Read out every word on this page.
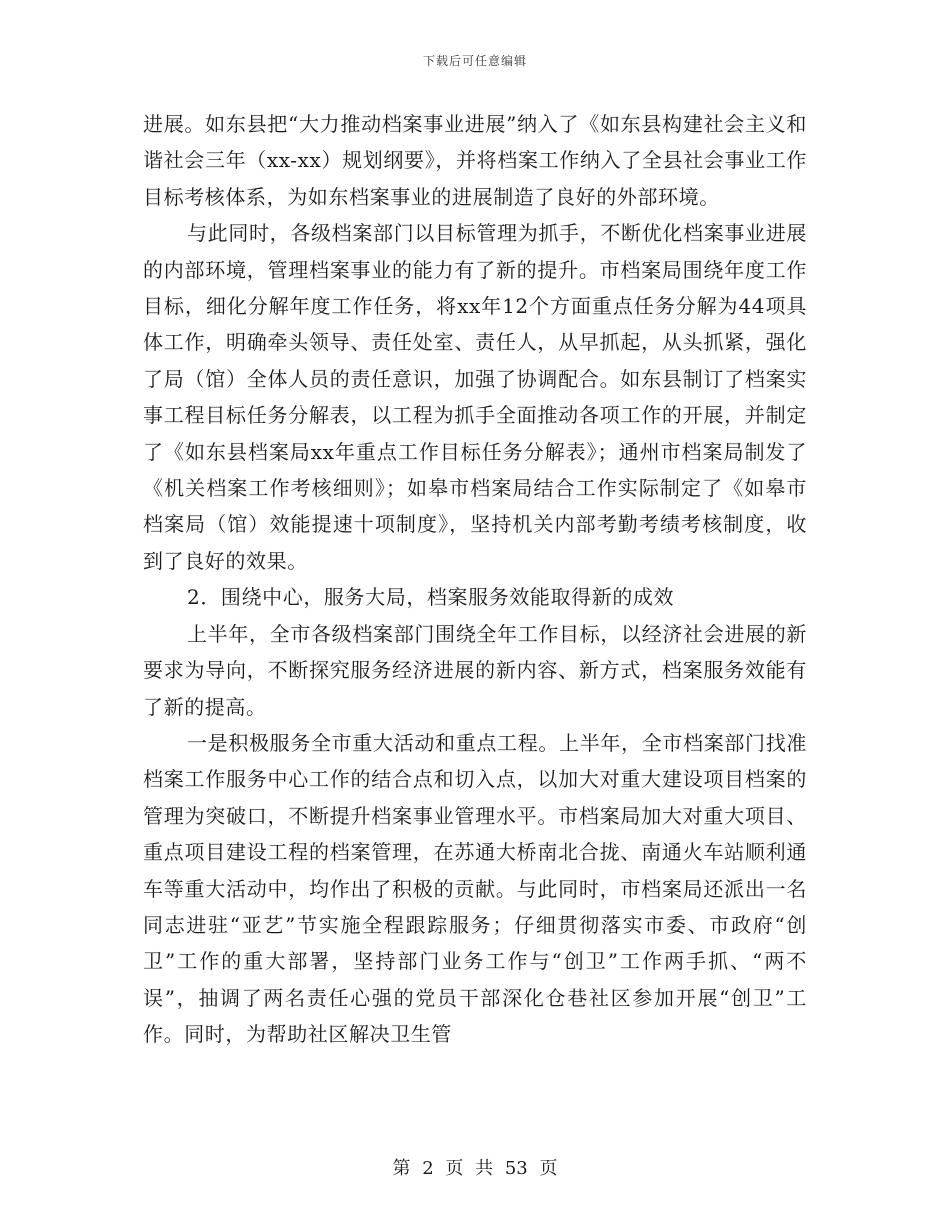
下载后可任意编辑

进展。如东县把“大力推动档案事业进展”纳入了《如东县构建社会主义和谐社会三年（xx-xx）规划纲要》，并将档案工作纳入了全县社会事业工作目标考核体系，为如东档案事业的进展制造了良好的外部环境。

与此同时，各级档案部门以目标管理为抓手，不断优化档案事业进展的内部环境，管理档案事业的能力有了新的提升。市档案局围绕年度工作目标，细化分解年度工作任务，将xx年12个方面重点任务分解为44项具体工作，明确牵头领导、责任处室、责任人，从早抓起，从头抓紧，强化了局（馆）全体人员的责任意识，加强了协调配合。如东县制订了档案实事工程目标任务分解表，以工程为抓手全面推动各项工作的开展，并制定了《如东县档案局xx年重点工作目标任务分解表》；通州市档案局制发了《机关档案工作考核细则》；如皋市档案局结合工作实际制定了《如皋市档案局（馆）效能提速十项制度》，坚持机关内部考勤考绩考核制度，收到了良好的效果。

2．围绕中心，服务大局，档案服务效能取得新的成效

上半年，全市各级档案部门围绕全年工作目标，以经济社会进展的新要求为导向，不断探究服务经济进展的新内容、新方式，档案服务效能有了新的提高。

一是积极服务全市重大活动和重点工程。上半年，全市档案部门找准档案工作服务中心工作的结合点和切入点，以加大对重大建设项目档案的管理为突破口，不断提升档案事业管理水平。市档案局加大对重大项目、重点项目建设工程的档案管理，在苏通大桥南北合拢、南通火车站顺利通车等重大活动中，均作出了积极的贡献。与此同时，市档案局还派出一名同志进驻“亚艺”节实施全程跟踪服务；仔细贯彻落实市委、市政府“创卫”工作的重大部署，坚持部门业务工作与“创卫”工作两手抓、“两不误”，抽调了两名责任心强的党员干部深化仓巷社区参加开展“创卫”工作。同时，为帮助社区解决卫生管

第 2 页 共 53 页
